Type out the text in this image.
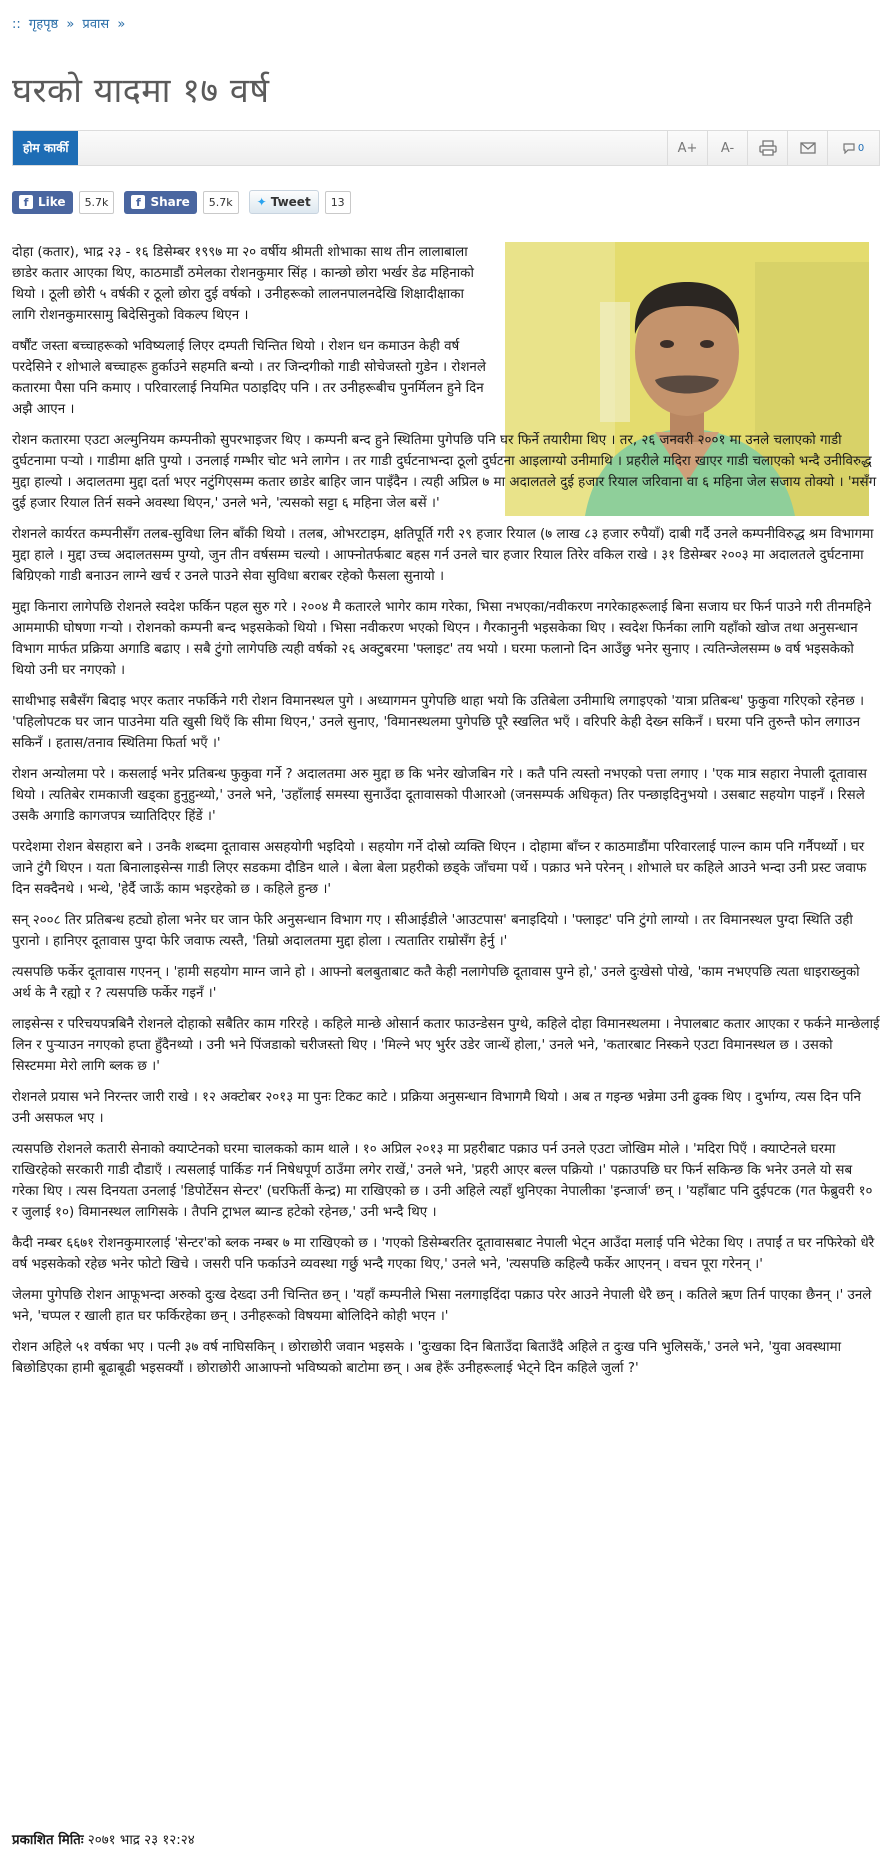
:: गृहपृष्ठ » प्रवास »
घरको यादमा १७ वर्ष
होम कार्की	A+ A-	0
f Like	5.7k	f Share	5.7k	✦ Tweet	13

दोहा (कतार), भाद्र २३ - १६ डिसेम्बर १९९७ मा २० वर्षीय श्रीमती शोभाका साथ तीन लालाबाला छाडेर कतार आएका थिए, काठमाडौं ठमेलका रोशनकुमार सिंह । कान्छो छोरा भर्खर डेढ महिनाको थियो । ठूली छोरी ५ वर्षकी र ठूलो छोरा दुई वर्षको । उनीहरूको लालनपालनदेखि शिक्षादीक्षाका लागि रोशनकुमारसामु बिदेसिनुको विकल्प थिएन ।

वर्षौंट जस्ता बच्चाहरूको भविष्यलाई लिएर दम्पती चिन्तित थियो । रोशन धन कमाउन केही वर्ष परदेसिने र शोभाले बच्चाहरू हुर्काउने सहमति बन्यो । तर जिन्दगीको गाडी सोचेजस्तो गुडेन । रोशनले कतारमा पैसा पनि कमाए । परिवारलाई नियमित पठाइदिए पनि । तर उनीहरूबीच पुनर्मिलन हुने दिन अझै आएन ।

रोशन कतारमा एउटा अल्मुनियम कम्पनीको सुपरभाइजर थिए । कम्पनी बन्द हुने स्थितिमा पुगेपछि पनि घर फिर्ने तयारीमा थिए । तर, २६ जनवरी २००१ मा उनले चलाएको गाडी दुर्घटनामा पर्‍यो । गाडीमा क्षति पुग्यो । उनलाई गम्भीर चोट भने लागेन । तर गाडी दुर्घटनाभन्दा ठूलो दुर्घटना आइलाग्यो उनीमाथि । प्रहरीले मदिरा खाएर गाडी चलाएको भन्दै उनीविरुद्ध मुद्दा हाल्यो । अदालतमा मुद्दा दर्ता भएर नटुंगिएसम्म कतार छाडेर बाहिर जान पाइँदैन । त्यही अप्रिल ७ मा अदालतले दुई हजार रियाल जरिवाना वा ६ महिना जेल सजाय तोक्यो । 'मसँग दुई हजार रियाल तिर्न सक्ने अवस्था थिएन,' उनले भने, 'त्यसको सट्टा ६ महिना जेल बसें ।'

रोशनले कार्यरत कम्पनीसँग तलब-सुविधा लिन बाँकी थियो । तलब, ओभरटाइम, क्षतिपूर्ति गरी २९ हजार रियाल (७ लाख ८३ हजार रुपैयाँ) दाबी गर्दै उनले कम्पनीविरुद्ध श्रम विभागमा मुद्दा हाले । मुद्दा उच्च अदालतसम्म पुग्यो, जुन तीन वर्षसम्म चल्यो । आफ्नोतर्फबाट बहस गर्न उनले चार हजार रियाल तिरेर वकिल राखे । ३१ डिसेम्बर २००३ मा अदालतले दुर्घटनामा बिग्रिएको गाडी बनाउन लाग्ने खर्च र उनले पाउने सेवा सुविधा बराबर रहेको फैसला सुनायो ।

मुद्दा किनारा लागेपछि रोशनले स्वदेश फर्किन पहल सुरु गरे । २००४ मै कतारले भागेर काम गरेका, भिसा नभएका/नवीकरण नगरेकाहरूलाई बिना सजाय घर फिर्न पाउने गरी तीनमहिने आममाफी घोषणा गर्‍यो । रोशनको कम्पनी बन्द भइसकेको थियो । भिसा नवीकरण भएको थिएन । गैरकानुनी भइसकेका थिए । स्वदेश फिर्नका लागि यहाँको खोज तथा अनुसन्धान विभाग मार्फत प्रक्रिया अगाडि बढाए । सबै टुंगो लागेपछि त्यही वर्षको २६ अक्टुबरमा 'फ्लाइट' तय भयो । घरमा फलानो दिन आउँछु भनेर सुनाए । त्यतिन्जेलसम्म ७ वर्ष भइसकेको थियो उनी घर नगएको ।

साथीभाइ सबैसँग बिदाइ भएर कतार नफर्किने गरी रोशन विमानस्थल पुगे । अध्यागमन पुगेपछि थाहा भयो कि उतिबेला उनीमाथि लगाइएको 'यात्रा प्रतिबन्ध' फुकुवा गरिएको रहेनछ । 'पहिलोपटक घर जान पाउनेमा यति खुसी थिएँ कि सीमा थिएन,' उनले सुनाए, 'विमानस्थलमा पुगेपछि पूरै स्खलित भएँ । वरिपरि केही देख्न सकिनँ । घरमा पनि तुरुन्तै फोन लगाउन सकिनँ । हतास/तनाव स्थितिमा फिर्ता भएँ ।'

रोशन अन्योलमा परे । कसलाई भनेर प्रतिबन्ध फुकुवा गर्ने ? अदालतमा अरु मुद्दा छ कि भनेर खोजबिन गरे । कतै पनि त्यस्तो नभएको पत्ता लगाए । 'एक मात्र सहारा नेपाली दूतावास थियो । त्यतिबेर रामकाजी खड्का हुनुहुन्थ्यो,' उनले भने, 'उहाँलाई समस्या सुनाउँदा दूतावासको पीआरओ (जनसम्पर्क अधिकृत) तिर पन्छाइदिनुभयो । उसबाट सहयोग पाइनँ । रिसले उसकै अगाडि कागजपत्र च्यातिदिएर हिंडें ।'

परदेशमा रोशन बेसहारा बने । उनकै शब्दमा दूतावास असहयोगी भइदियो । सहयोग गर्ने दोस्रो व्यक्ति थिएन । दोहामा बाँच्न र काठमाडौंमा परिवारलाई पाल्न काम पनि गर्नैपर्थ्यो । घर जाने टुंगै थिएन । यता बिनालाइसेन्स गाडी लिएर सडकमा दौडिन थाले । बेला बेला प्रहरीको छड्के जाँचमा पर्थे । पक्राउ भने परेनन् । शोभाले घर कहिले आउने भन्दा उनी प्रस्ट जवाफ दिन सक्दैनथे । भन्थे, 'हेर्दै जाऊँ काम भइरहेको छ । कहिले हुन्छ ।'

सन् २००८ तिर प्रतिबन्ध हट्यो होला भनेर घर जान फेरि अनुसन्धान विभाग गए । सीआईडीले 'आउटपास' बनाइदियो । 'फ्लाइट' पनि टुंगो लाग्यो । तर विमानस्थल पुग्दा स्थिति उही पुरानो । हानिएर दूतावास पुग्दा फेरि जवाफ त्यस्तै, 'तिम्रो अदालतमा मुद्दा होला । त्यतातिर राम्रोसँग हेर्नु ।'

त्यसपछि फर्केर दूतावास गएनन् । 'हामी सहयोग माग्न जाने हो । आफ्नो बलबुताबाट कतै केही नलागेपछि दूतावास पुग्ने हो,' उनले दुःखेसो पोखे, 'काम नभएपछि त्यता धाइराख्नुको अर्थ के नै रह्यो र ? त्यसपछि फर्केर गइनँ ।'

लाइसेन्स र परिचयपत्रबिनै रोशनले दोहाको सबैतिर काम गरिरहे । कहिले मान्छे ओसार्न कतार फाउन्डेसन पुग्थे, कहिले दोहा विमानस्थलमा । नेपालबाट कतार आएका र फर्कने मान्छेलाई लिन र पुर्‍याउन नगएको हप्ता हुँदैनथ्यो । उनी भने पिंजडाको चरीजस्तो थिए । 'मिल्ने भए भुर्रर उडेर जान्थें होला,' उनले भने, 'कतारबाट निस्कने एउटा विमानस्थल छ । उसको सिस्टममा मेरो लागि ब्लक छ ।'

रोशनले प्रयास भने निरन्तर जारी राखे । १२ अक्टोबर २०१३ मा पुनः टिकट काटे । प्रक्रिया अनुसन्धान विभागमै थियो । अब त गइन्छ भन्नेमा उनी ढुक्क थिए । दुर्भाग्य, त्यस दिन पनि उनी असफल भए ।

त्यसपछि रोशनले कतारी सेनाको क्याप्टेनको घरमा चालकको काम थाले । १० अप्रिल २०१३ मा प्रहरीबाट पक्राउ पर्न उनले एउटा जोखिम मोले । 'मदिरा पिएँ । क्याप्टेनले घरमा राखिरहेको सरकारी गाडी दौडाएँ । त्यसलाई पार्किङ गर्न निषेधपूर्ण ठाउँमा लगेर राखें,' उनले भने, 'प्रहरी आएर बल्ल पक्रियो ।' पक्राउपछि घर फिर्न सकिन्छ कि भनेर उनले यो सब गरेका थिए । त्यस दिनयता उनलाई 'डिपोर्टेसन सेन्टर' (घरफिर्ती केन्द्र) मा राखिएको छ । उनी अहिले त्यहाँ थुनिएका नेपालीका 'इन्जार्ज' छन् । 'यहाँबाट पनि दुईपटक (गत फेब्रुवरी १० र जुलाई १०) विमानस्थल लागिसके । तैपनि ट्राभल ब्यान्ड हटेको रहेनछ,' उनी भन्दै थिए ।

कैदी नम्बर ६६७१ रोशनकुमारलाई 'सेन्टर'को ब्लक नम्बर ७ मा राखिएको छ । 'गएको डिसेम्बरतिर दूतावासबाट नेपाली भेट्न आउँदा मलाई पनि भेटेका थिए । तपाईं त घर नफिरेको धेरै वर्ष भइसकेको रहेछ भनेर फोटो खिचे । जसरी पनि फर्काउने व्यवस्था गर्छु भन्दै गएका थिए,' उनले भने, 'त्यसपछि कहिल्यै फर्केर आएनन् । वचन पूरा गरेनन् ।'

जेलमा पुगेपछि रोशन आफूभन्दा अरुको दुःख देख्दा उनी चिन्तित छन् । 'यहाँ कम्पनीले भिसा नलगाइदिंदा पक्राउ परेर आउने नेपाली धेरै छन् । कतिले ऋण तिर्न पाएका छैनन् ।' उनले भने, 'चप्पल र खाली हात घर फर्किरहेका छन् । उनीहरूको विषयमा बोलिदिने कोही भएन ।'

रोशन अहिले ५१ वर्षका भए । पत्नी ३७ वर्ष नाघिसकिन् । छोराछोरी जवान भइसके । 'दुःखका दिन बिताउँदा बिताउँदै अहिले त दुःख पनि भुलिसकें,' उनले भने, 'युवा अवस्थामा बिछोडिएका हामी बूढाबूढी भइसक्यौं । छोराछोरी आआफ्नो भविष्यको बाटोमा छन् । अब हेरूँ उनीहरूलाई भेट्ने दिन कहिले जुर्ला ?'

प्रकाशित मितिः २०७१ भाद्र २३ १२:२४
